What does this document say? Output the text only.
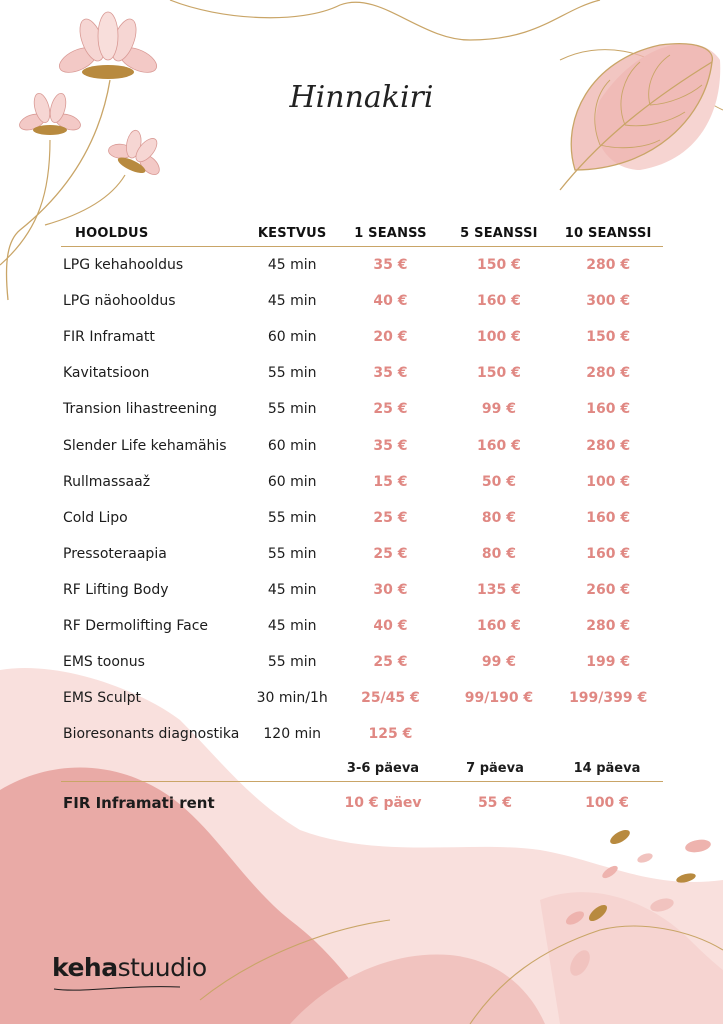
Hinnakiri
HOOLDUS	KESTVUS	1 SEANSS	5 SEANSSI	10 SEANSSI
LPG kehahooldus	45 min	35 €	150 €	280 €
LPG näohooldus	45 min	40 €	160 €	300 €
FIR Inframatt	60 min	20 €	100 €	150 €
Kavitatsioon	55 min	35 €	150 €	280 €
Transion lihastreening	55 min	25 €	99 €	160 €
Slender Life kehamähis	60 min	35 €	160 €	280 €
Rullmassaaž	60 min	15 €	50 €	100 €
Cold Lipo	55 min	25 €	80 €	160 €
Pressoteraapia	55 min	25 €	80 €	160 €
RF Lifting Body	45 min	30 €	135 €	260 €
RF Dermolifting Face	45 min	40 €	160 €	280 €
EMS toonus	55 min	25 €	99 €	199 €
EMS Sculpt	30 min/1h	25/45 €	99/190 €	199/399 €
Bioresonants diagnostika	120 min	125 €		
		3-6 päeva	7 päeva	14 päeva
FIR Inframati rent		10 € päev	55 €	100 €
kehastuudio
